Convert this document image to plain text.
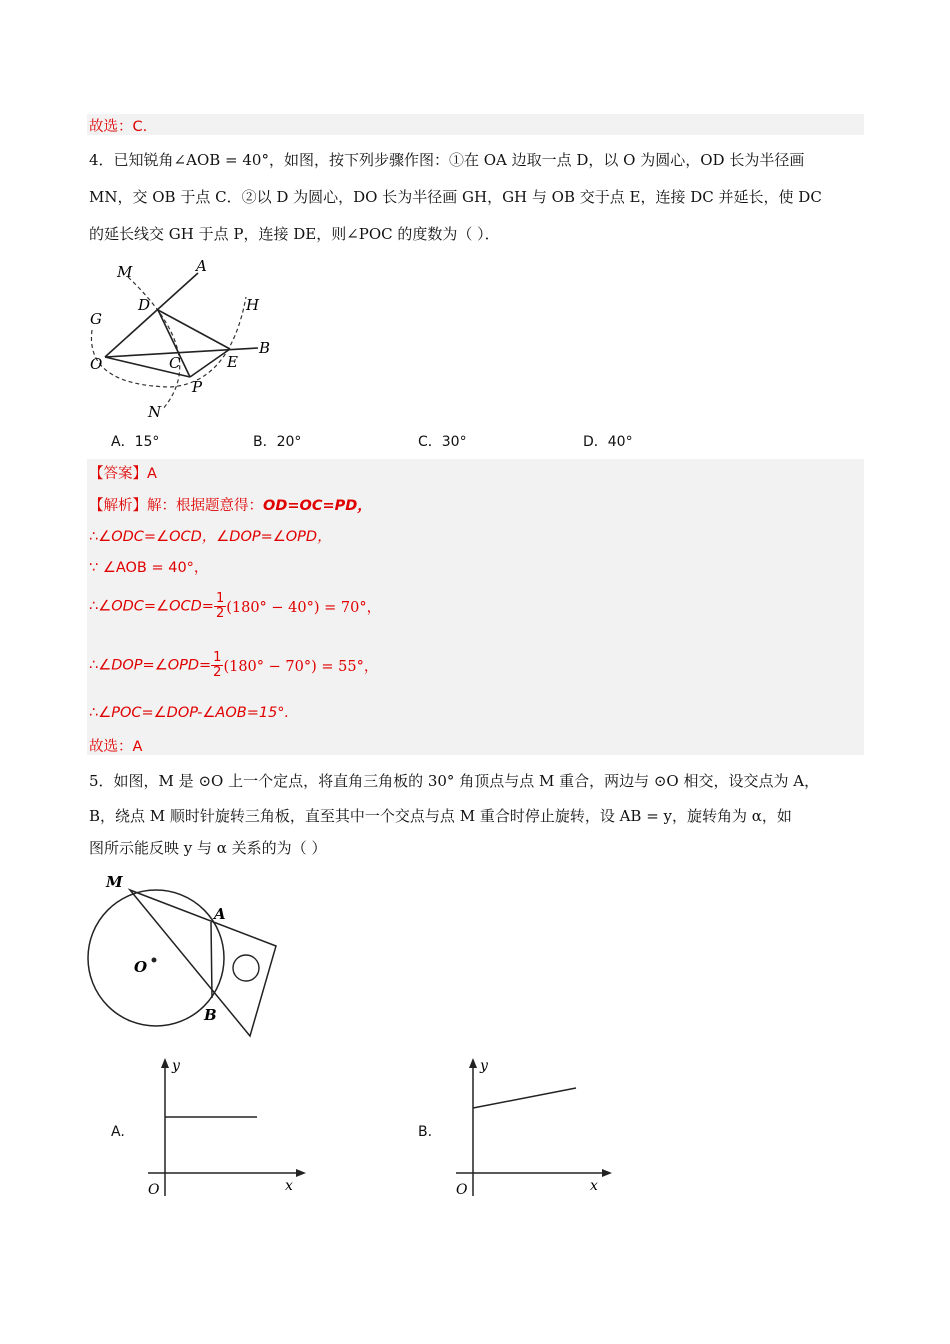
故选：C.
4．已知锐角∠AOB = 40°，如图，按下列步骤作图：①在 OA 边取一点 D，以 O 为圆心，OD 长为半径画
MN，交 OB 于点 C．②以 D 为圆心，DO 长为半径画 GH，GH 与 OB 交于点 E，连接 DC 并延长，使 DC
的延长线交 GH 于点 P，连接 DE，则∠POC 的度数为（ ）．
M	A
D	H
G
B
O	C	E
P
N
A．15°	B．20°	C．30°	D．40°
【答案】A
【解析】解：根据题意得：OD=OC=PD，
∴∠ODC=∠OCD，∠DOP=∠OPD，
∵ ∠AOB = 40°，
∴∠ODC=∠OCD= $\frac{1}{2} (180^\circ - 40^\circ) = 70^\circ$，
∴∠DOP=∠OPD= $\frac{1}{2} (180^\circ - 70^\circ) = 55^\circ$，
∴∠POC=∠DOP-∠AOB=15°.
故选：A
5．如图，M 是 ⊙O 上一个定点，将直角三角板的 30° 角顶点与点 M 重合，两边与 ⊙O 相交，设交点为 A，
B，绕点 M 顺时针旋转三角板，直至其中一个交点与点 M 重合时停止旋转，设 AB = y，旋转角为 α，如
图所示能反映 y 与 α 关系的为（ ）
M
A
O
B
A.
y
x
O
B.
y
x
O
